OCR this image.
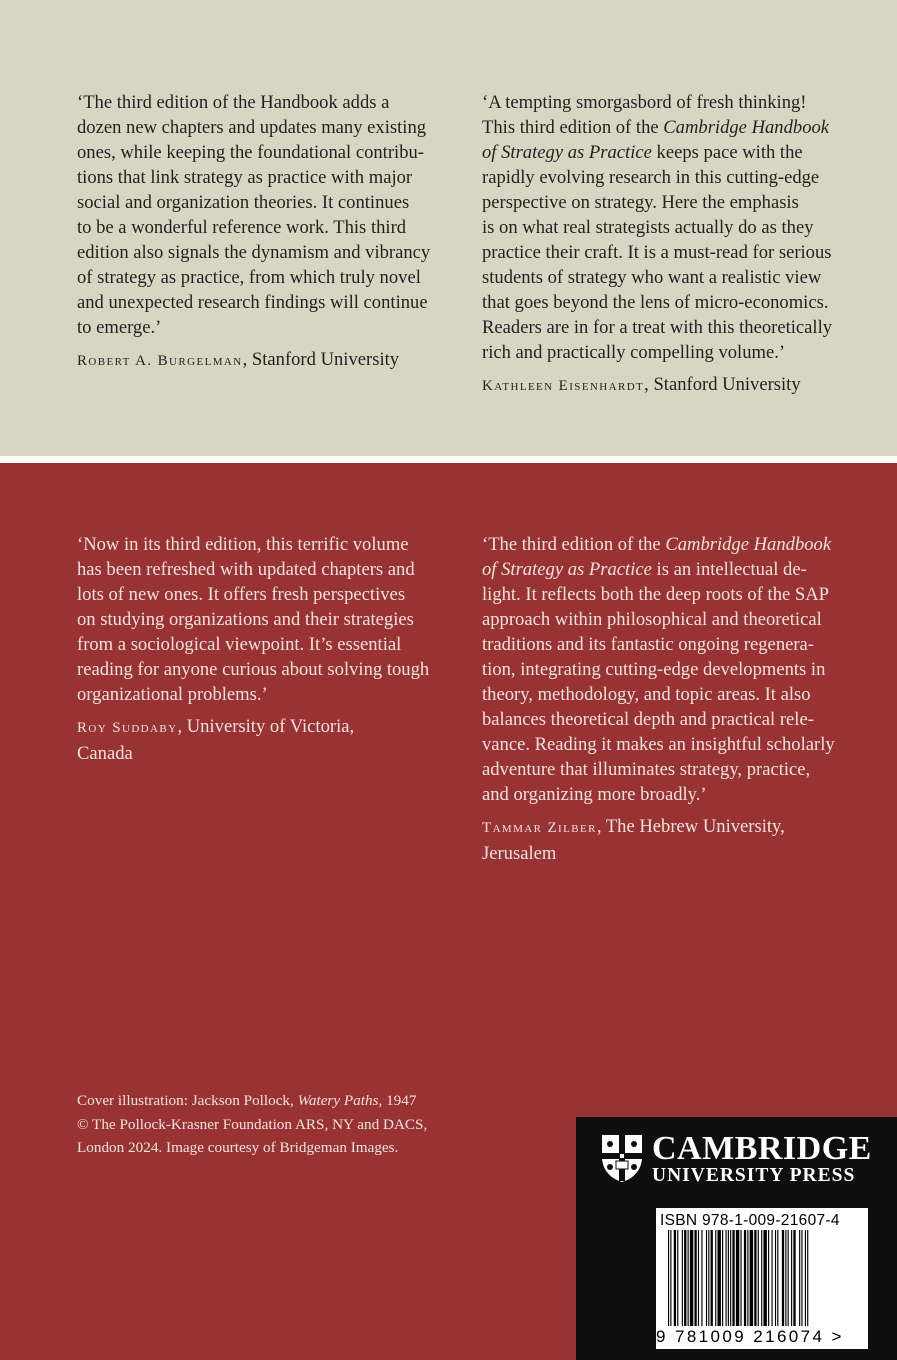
‘The third edition of the Handbook adds a

dozen new chapters and updates many existing

ones, while keeping the foundational contribu-

tions that link strategy as practice with major

social and organization theories. It continues

to be a wonderful reference work. This third

edition also signals the dynamism and vibrancy

of strategy as practice, from which truly novel

and unexpected research findings will continue

to emerge.’

Robert A. Burgelman, Stanford University

‘A tempting smorgasbord of fresh thinking!

This third edition of the Cambridge Handbook

of Strategy as Practice keeps pace with the

rapidly evolving research in this cutting-edge

perspective on strategy. Here the emphasis

is on what real strategists actually do as they

practice their craft. It is a must-read for serious

students of strategy who want a realistic view

that goes beyond the lens of micro-economics.

Readers are in for a treat with this theoretically

rich and practically compelling volume.’

Kathleen Eisenhardt, Stanford University

‘Now in its third edition, this terrific volume

has been refreshed with updated chapters and

lots of new ones. It offers fresh perspectives

on studying organizations and their strategies

from a sociological viewpoint. It’s essential

reading for anyone curious about solving tough

organizational problems.’

Roy Suddaby, University of Victoria,

Canada

‘The third edition of the Cambridge Handbook

of Strategy as Practice is an intellectual de-

light. It reflects both the deep roots of the SAP

approach within philosophical and theoretical

traditions and its fantastic ongoing regenera-

tion, integrating cutting-edge developments in

theory, methodology, and topic areas. It also

balances theoretical depth and practical rele-

vance. Reading it makes an insightful scholarly

adventure that illuminates strategy, practice,

and organizing more broadly.’

Tammar Zilber, The Hebrew University,

Jerusalem

Cover illustration: Jackson Pollock, Watery Paths, 1947
© The Pollock-Krasner Foundation ARS, NY and DACS,
London 2024. Image courtesy of Bridgeman Images.	CAMBRIDGE
UNIVERSITY PRESS
ISBN 978-1-009-21607-4
9 781009 216074 >
